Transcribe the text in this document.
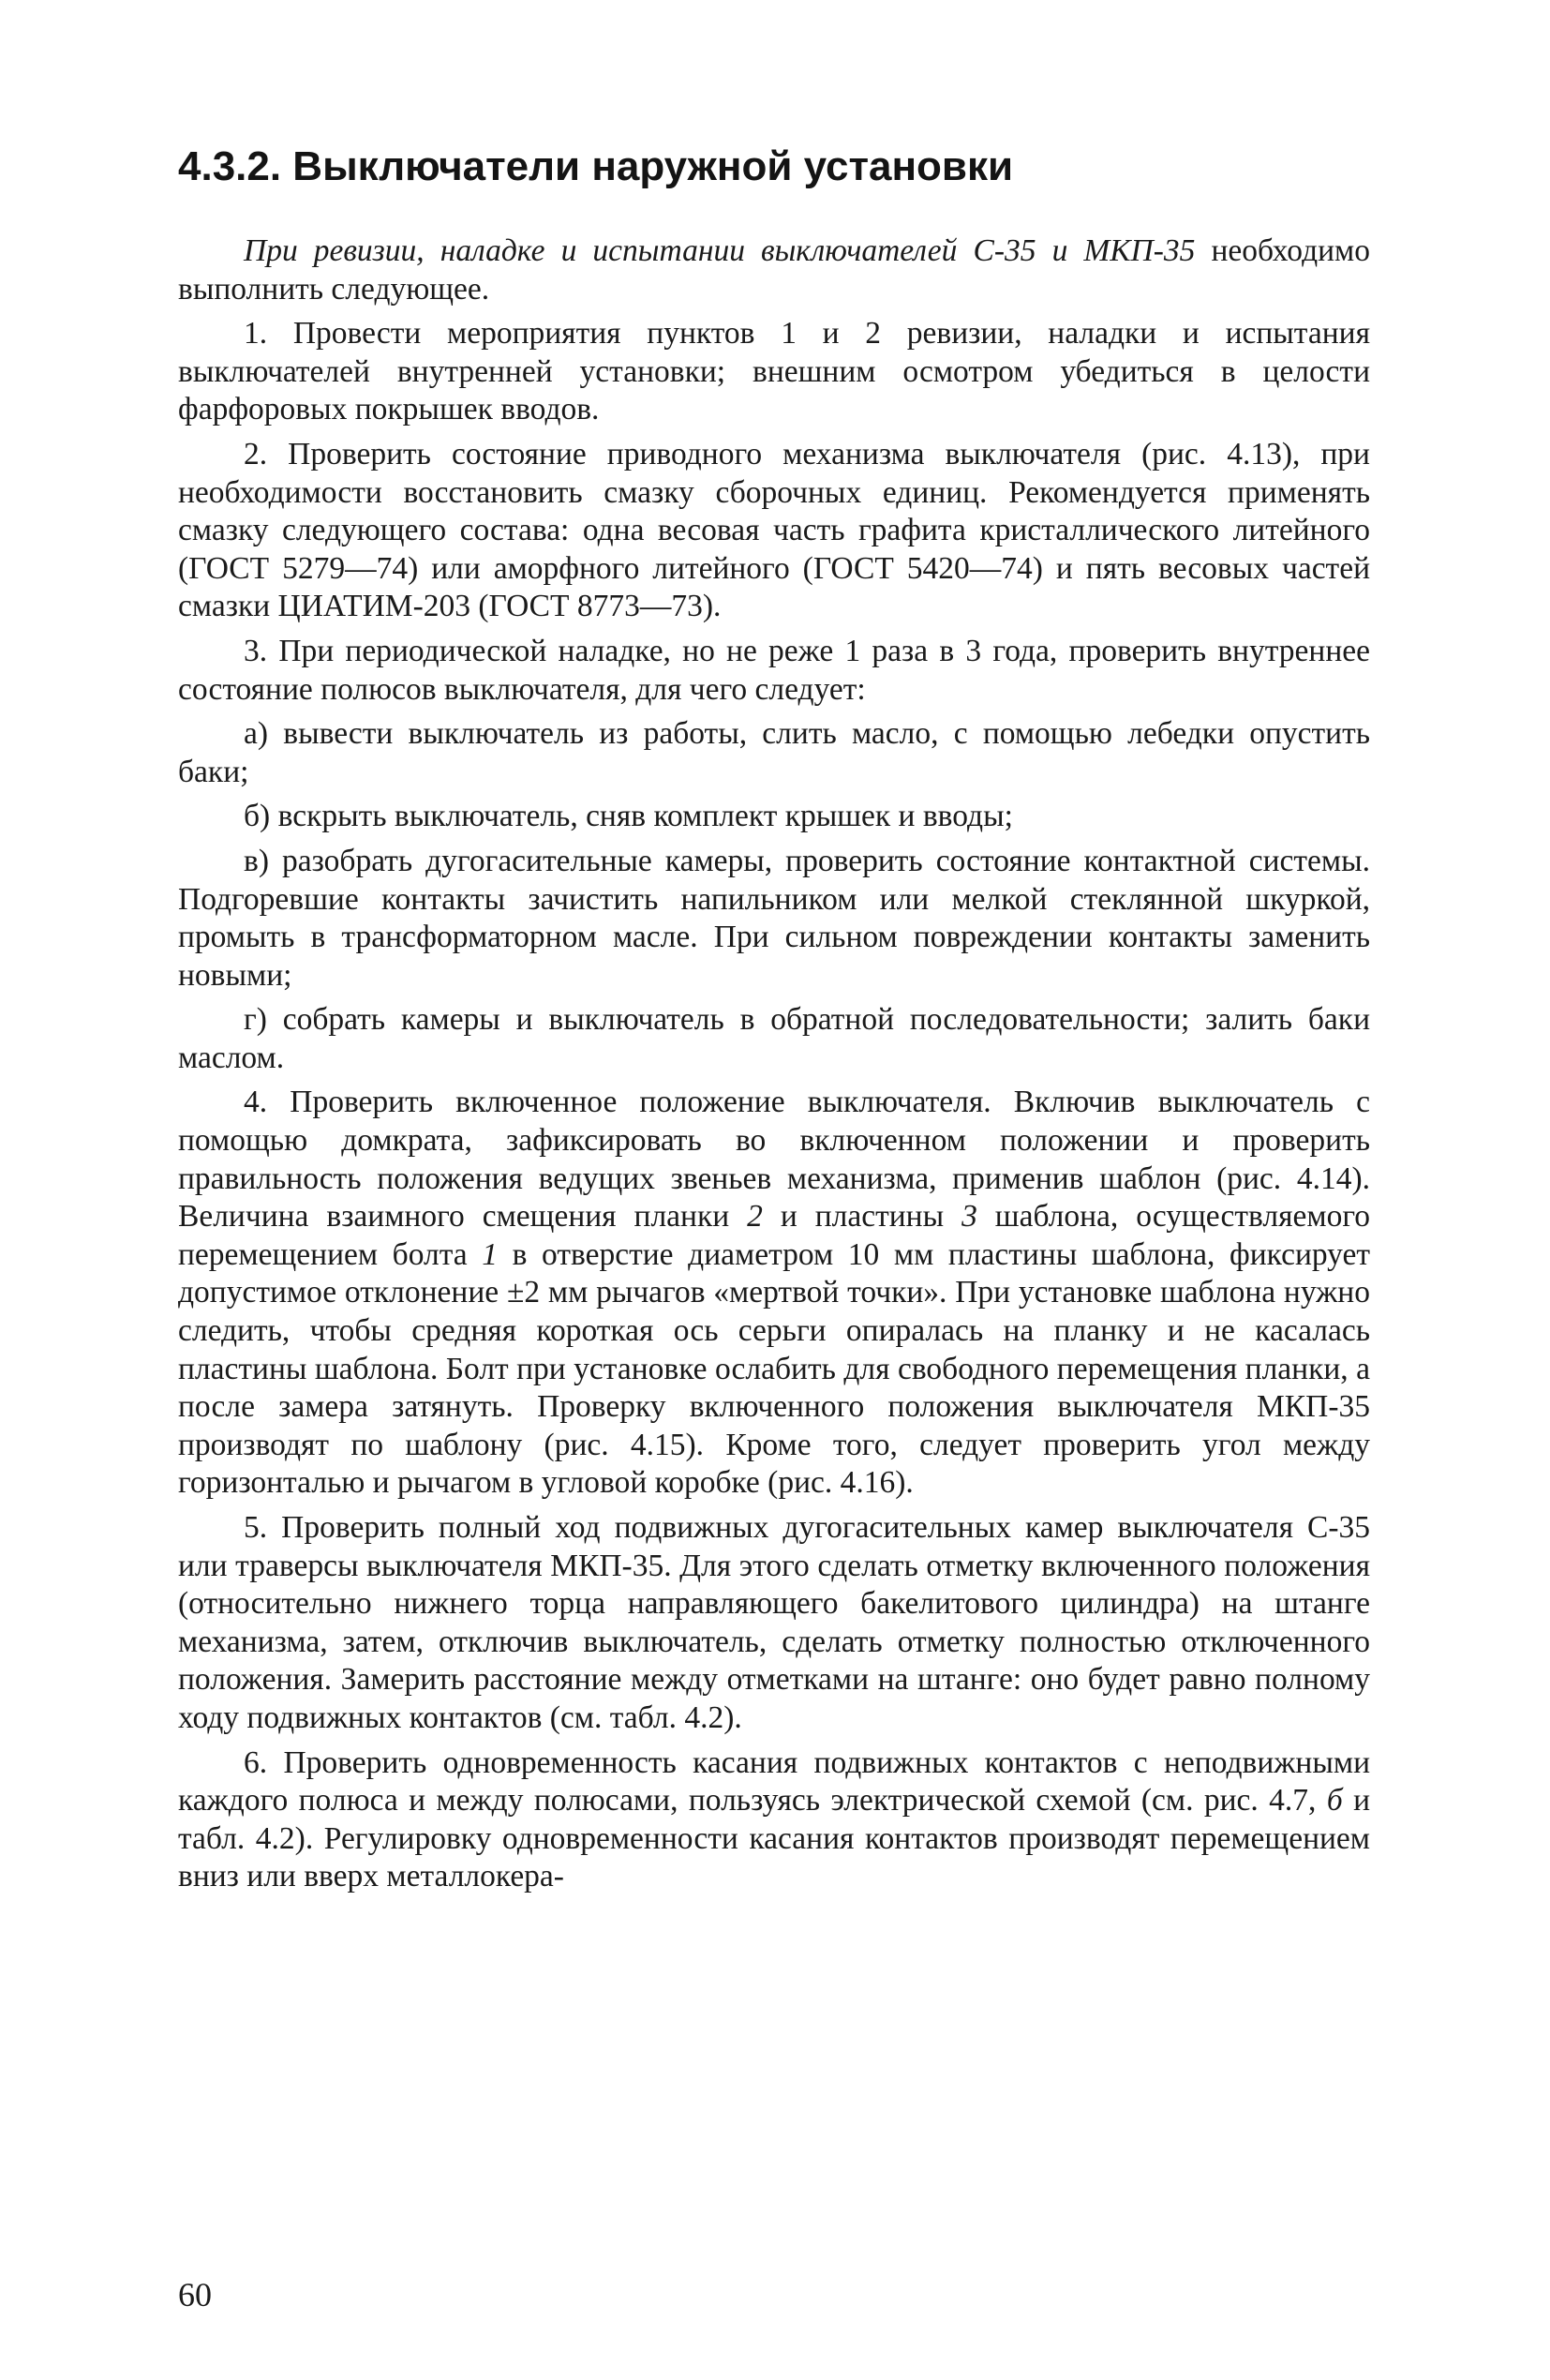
4.3.2. Выключатели наружной установки

При ревизии, наладке и испытании выключателей С-35 и МКП-35 необходимо выполнить следующее.

1. Провести мероприятия пунктов 1 и 2 ревизии, наладки и испытания выключателей внутренней установки; внешним осмотром убедиться в целости фарфоровых покрышек вводов.

2. Проверить состояние приводного механизма выключателя (рис. 4.13), при необходимости восстановить смазку сборочных единиц. Рекомендуется применять смазку следующего состава: одна весовая часть графита кристаллического литейного (ГОСТ 5279—74) или аморфного литейного (ГОСТ 5420—74) и пять весовых частей смазки ЦИАТИМ-203 (ГОСТ 8773—73).

3. При периодической наладке, но не реже 1 раза в 3 года, проверить внутреннее состояние полюсов выключателя, для чего следует:

а) вывести выключатель из работы, слить масло, с помощью лебедки опустить баки;

б) вскрыть выключатель, сняв комплект крышек и вводы;

в) разобрать дугогасительные камеры, проверить состояние контактной системы. Подгоревшие контакты зачистить напильником или мелкой стеклянной шкуркой, промыть в трансформаторном масле. При сильном повреждении контакты заменить новыми;

г) собрать камеры и выключатель в обратной последовательности; залить баки маслом.

4. Проверить включенное положение выключателя. Включив выключатель с помощью домкрата, зафиксировать во включенном положении и проверить правильность положения ведущих звеньев механизма, применив шаблон (рис. 4.14). Величина взаимного смещения планки 2 и пластины 3 шаблона, осуществляемого перемещением болта 1 в отверстие диаметром 10 мм пластины шаблона, фиксирует допустимое отклонение ±2 мм рычагов «мертвой точки». При установке шаблона нужно следить, чтобы средняя короткая ось серьги опиралась на планку и не касалась пластины шаблона. Болт при установке ослабить для свободного перемещения планки, а после замера затянуть. Проверку включенного положения выключателя МКП-35 производят по шаблону (рис. 4.15). Кроме того, следует проверить угол между горизонталью и рычагом в угловой коробке (рис. 4.16).

5. Проверить полный ход подвижных дугогасительных камер выключателя С-35 или траверсы выключателя МКП-35. Для этого сделать отметку включенного положения (относительно нижнего торца направляющего бакелитового цилиндра) на штанге механизма, затем, отключив выключатель, сделать отметку полностью отключенного положения. Замерить расстояние между отметками на штанге: оно будет равно полному ходу подвижных контактов (см. табл. 4.2).

6. Проверить одновременность касания подвижных контактов с неподвижными каждого полюса и между полюсами, пользуясь электрической схемой (см. рис. 4.7, б и табл. 4.2). Регулировку одновременности касания контактов производят перемещением вниз или вверх металлокера-

60
